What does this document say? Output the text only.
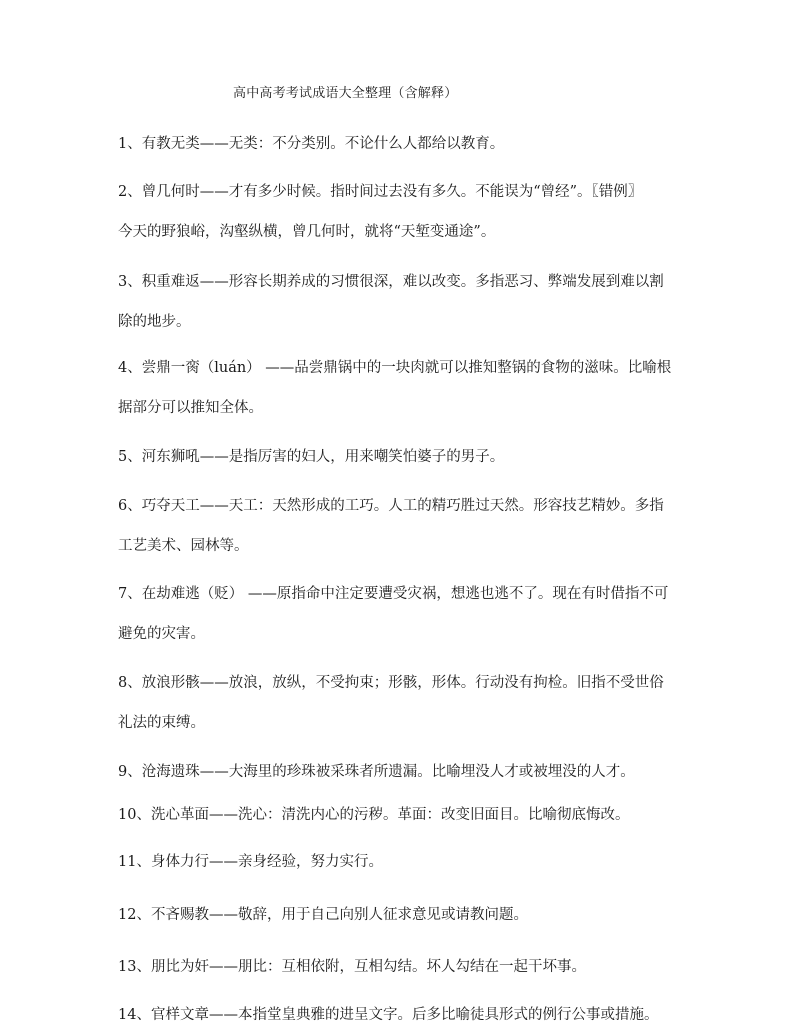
高中高考考试成语大全整理（含解释）
1、有教无类——无类：不分类别。不论什么人都给以教育。
2、曾几何时——才有多少时候。指时间过去没有多久。不能误为“曾经”。〖错例〗
今天的野狼峪，沟壑纵横，曾几何时，就将“天堑变通途”。
3、积重难返——形容长期养成的习惯很深，难以改变。多指恶习、弊端发展到难以割
除的地步。
4、尝鼎一脔（luán） ——品尝鼎锅中的一块肉就可以推知整锅的食物的滋味。比喻根
据部分可以推知全体。
5、河东狮吼——是指厉害的妇人，用来嘲笑怕婆子的男子。
6、巧夺天工——天工：天然形成的工巧。人工的精巧胜过天然。形容技艺精妙。多指
工艺美术、园林等。
7、在劫难逃（贬） ——原指命中注定要遭受灾祸，想逃也逃不了。现在有时借指不可
避免的灾害。
8、放浪形骸——放浪，放纵，不受拘束；形骸，形体。行动没有拘检。旧指不受世俗
礼法的束缚。
9、沧海遗珠——大海里的珍珠被采珠者所遗漏。比喻埋没人才或被埋没的人才。
10、洗心革面——洗心：清洗内心的污秽。革面：改变旧面目。比喻彻底悔改。
11、身体力行——亲身经验，努力实行。
12、不吝赐教——敬辞，用于自己向别人征求意见或请教问题。
13、朋比为奸——朋比：互相依附，互相勾结。坏人勾结在一起干坏事。
14、官样文章——本指堂皇典雅的进呈文字。后多比喻徒具形式的例行公事或措施。
